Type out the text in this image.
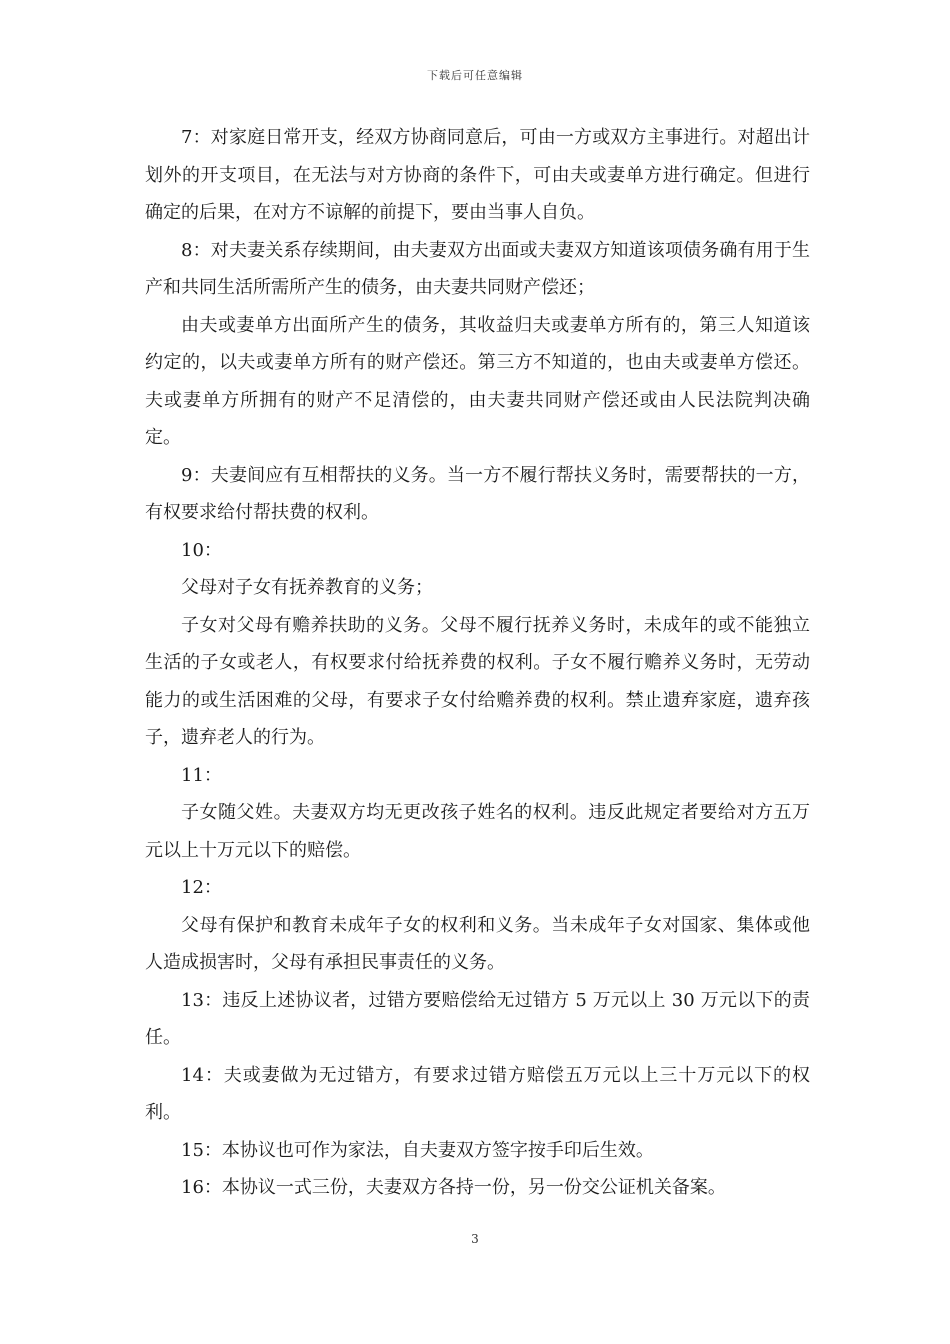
下载后可任意编辑

7：对家庭日常开支，经双方协商同意后，可由一方或双方主事进行。对超出计划外的开支项目，在无法与对方协商的条件下，可由夫或妻单方进行确定。但进行确定的后果，在对方不谅解的前提下，要由当事人自负。

8：对夫妻关系存续期间，由夫妻双方出面或夫妻双方知道该项债务确有用于生产和共同生活所需所产生的债务，由夫妻共同财产偿还；

由夫或妻单方出面所产生的债务，其收益归夫或妻单方所有的，第三人知道该约定的，以夫或妻单方所有的财产偿还。第三方不知道的，也由夫或妻单方偿还。夫或妻单方所拥有的财产不足清偿的，由夫妻共同财产偿还或由人民法院判决确定。

9：夫妻间应有互相帮扶的义务。当一方不履行帮扶义务时，需要帮扶的一方，有权要求给付帮扶费的权利。

10：

父母对子女有抚养教育的义务；

子女对父母有赡养扶助的义务。父母不履行抚养义务时，未成年的或不能独立生活的子女或老人，有权要求付给抚养费的权利。子女不履行赡养义务时，无劳动能力的或生活困难的父母，有要求子女付给赡养费的权利。禁止遗弃家庭，遗弃孩子，遗弃老人的行为。

11：

子女随父姓。夫妻双方均无更改孩子姓名的权利。违反此规定者要给对方五万元以上十万元以下的赔偿。

12：

父母有保护和教育未成年子女的权利和义务。当未成年子女对国家、集体或他人造成损害时，父母有承担民事责任的义务。

13：违反上述协议者，过错方要赔偿给无过错方 5 万元以上 30 万元以下的责任。

14：夫或妻做为无过错方，有要求过错方赔偿五万元以上三十万元以下的权利。

15：本协议也可作为家法，自夫妻双方签字按手印后生效。

16：本协议一式三份，夫妻双方各持一份，另一份交公证机关备案。

3
